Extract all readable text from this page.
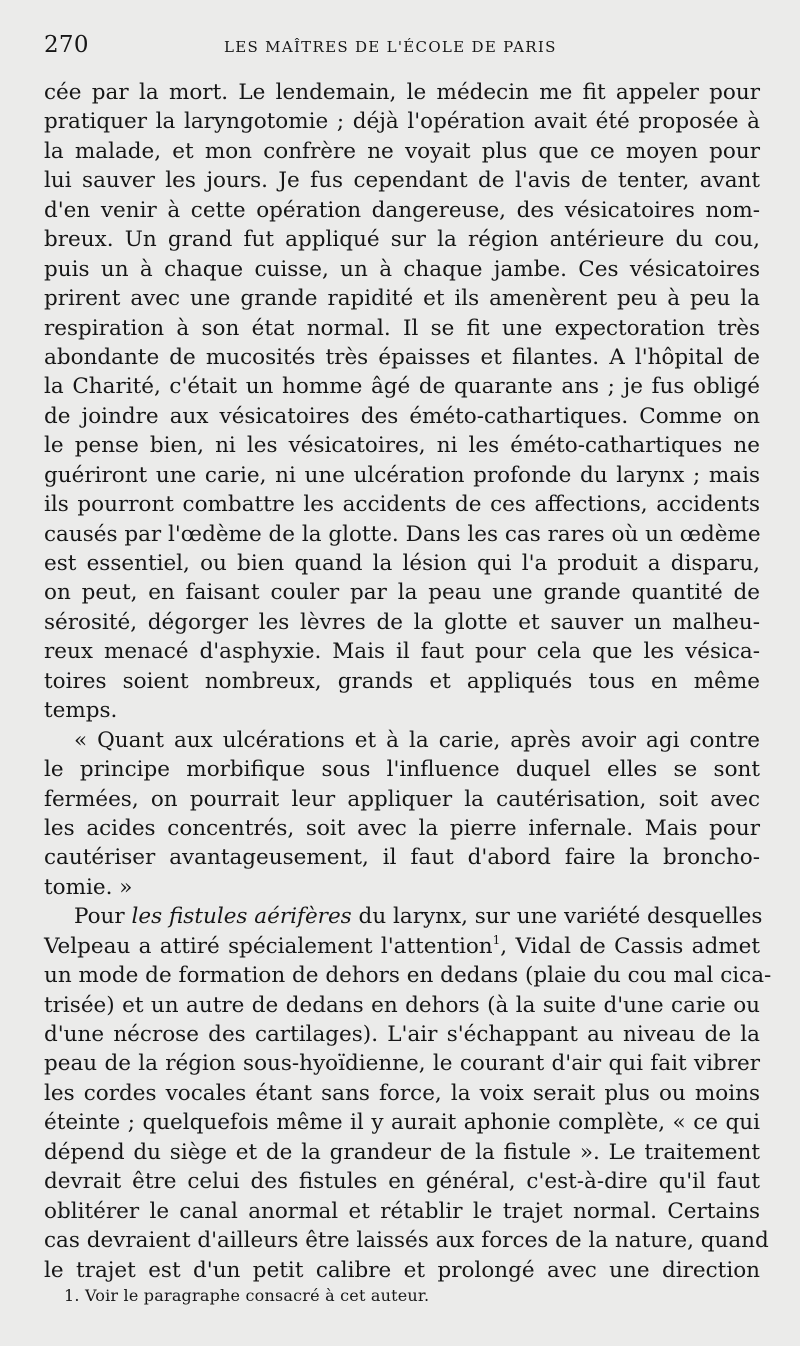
270	LES MAÎTRES DE L'ÉCOLE DE PARIS
cée par la mort. Le lendemain, le médecin me fit appeler pour
pratiquer la laryngotomie ; déjà l'opération avait été proposée à
la malade, et mon confrère ne voyait plus que ce moyen pour
lui sauver les jours. Je fus cependant de l'avis de tenter, avant
d'en venir à cette opération dangereuse, des vésicatoires nom-
breux. Un grand fut appliqué sur la région antérieure du cou,
puis un à chaque cuisse, un à chaque jambe. Ces vésicatoires
prirent avec une grande rapidité et ils amenèrent peu à peu la
respiration à son état normal. Il se fit une expectoration très
abondante de mucosités très épaisses et filantes. A l'hôpital de
la Charité, c'était un homme âgé de quarante ans ; je fus obligé
de joindre aux vésicatoires des éméto-cathartiques. Comme on
le pense bien, ni les vésicatoires, ni les éméto-cathartiques ne
guériront une carie, ni une ulcération profonde du larynx ; mais
ils pourront combattre les accidents de ces affections, accidents
causés par l'œdème de la glotte. Dans les cas rares où un œdème
est essentiel, ou bien quand la lésion qui l'a produit a disparu,
on peut, en faisant couler par la peau une grande quantité de
sérosité, dégorger les lèvres de la glotte et sauver un malheu-
reux menacé d'asphyxie. Mais il faut pour cela que les vésica-
toires soient nombreux, grands et appliqués tous en même
temps.
« Quant aux ulcérations et à la carie, après avoir agi contre
le principe morbifique sous l'influence duquel elles se sont
fermées, on pourrait leur appliquer la cautérisation, soit avec
les acides concentrés, soit avec la pierre infernale. Mais pour
cautériser avantageusement, il faut d'abord faire la broncho-
tomie. »
Pour les fistules aérifères du larynx, sur une variété desquelles
Velpeau a attiré spécialement l'attention$^1$, Vidal de Cassis admet
un mode de formation de dehors en dedans (plaie du cou mal cica-
trisée) et un autre de dedans en dehors (à la suite d'une carie ou
d'une nécrose des cartilages). L'air s'échappant au niveau de la
peau de la région sous-hyoïdienne, le courant d'air qui fait vibrer
les cordes vocales étant sans force, la voix serait plus ou moins
éteinte ; quelquefois même il y aurait aphonie complète, « ce qui
dépend du siège et de la grandeur de la fistule ». Le traitement
devrait être celui des fistules en général, c'est-à-dire qu'il faut
oblitérer le canal anormal et rétablir le trajet normal. Certains
cas devraient d'ailleurs être laissés aux forces de la nature, quand
le trajet est d'un petit calibre et prolongé avec une direction
1. Voir le paragraphe consacré à cet auteur.
